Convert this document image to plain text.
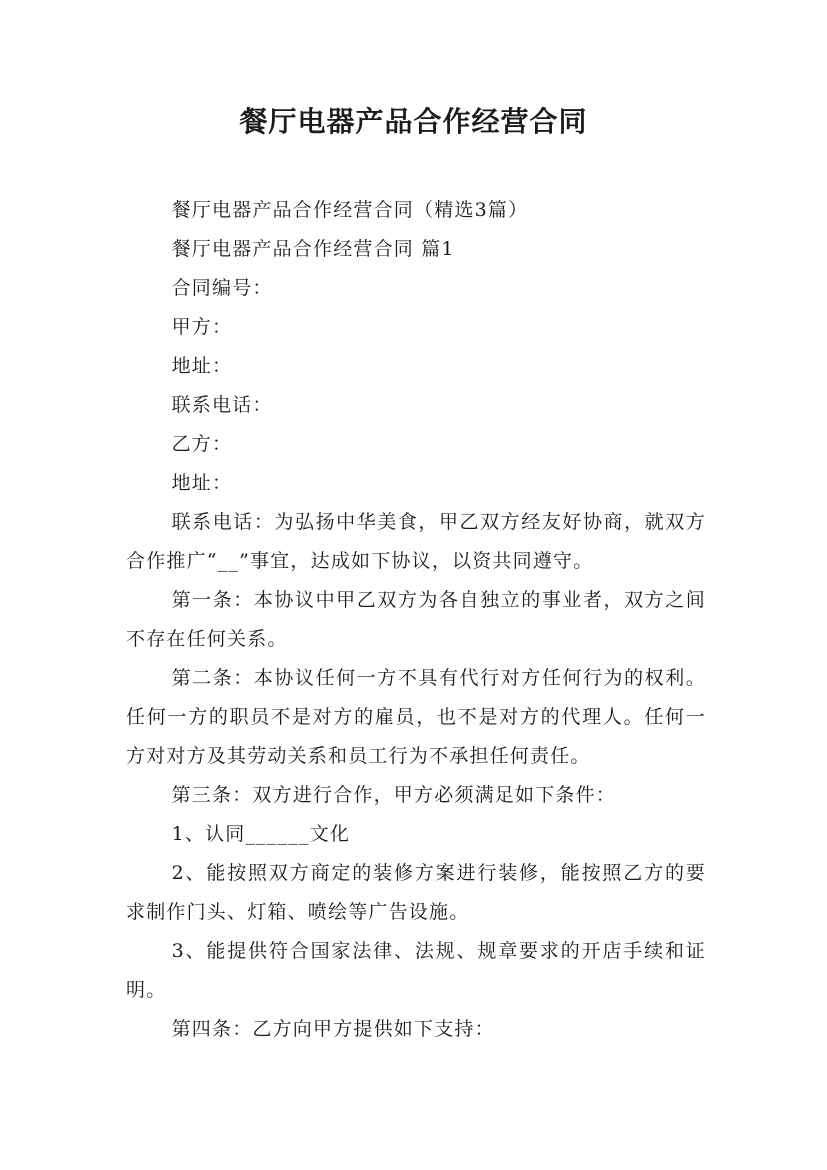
餐厅电器产品合作经营合同

餐厅电器产品合作经营合同（精选3篇）

餐厅电器产品合作经营合同 篇1

合同编号：

甲方：

地址：

联系电话：

乙方：

地址：

联系电话：为弘扬中华美食，甲乙双方经友好协商，就双方合作推广“__”事宜，达成如下协议，以资共同遵守。

第一条：本协议中甲乙双方为各自独立的事业者，双方之间不存在任何关系。

第二条：本协议任何一方不具有代行对方任何行为的权利。任何一方的职员不是对方的雇员，也不是对方的代理人。任何一方对对方及其劳动关系和员工行为不承担任何责任。

第三条：双方进行合作，甲方必须满足如下条件：

1、认同______文化

2、能按照双方商定的装修方案进行装修，能按照乙方的要求制作门头、灯箱、喷绘等广告设施。

3、能提供符合国家法律、法规、规章要求的开店手续和证明。

第四条：乙方向甲方提供如下支持：
